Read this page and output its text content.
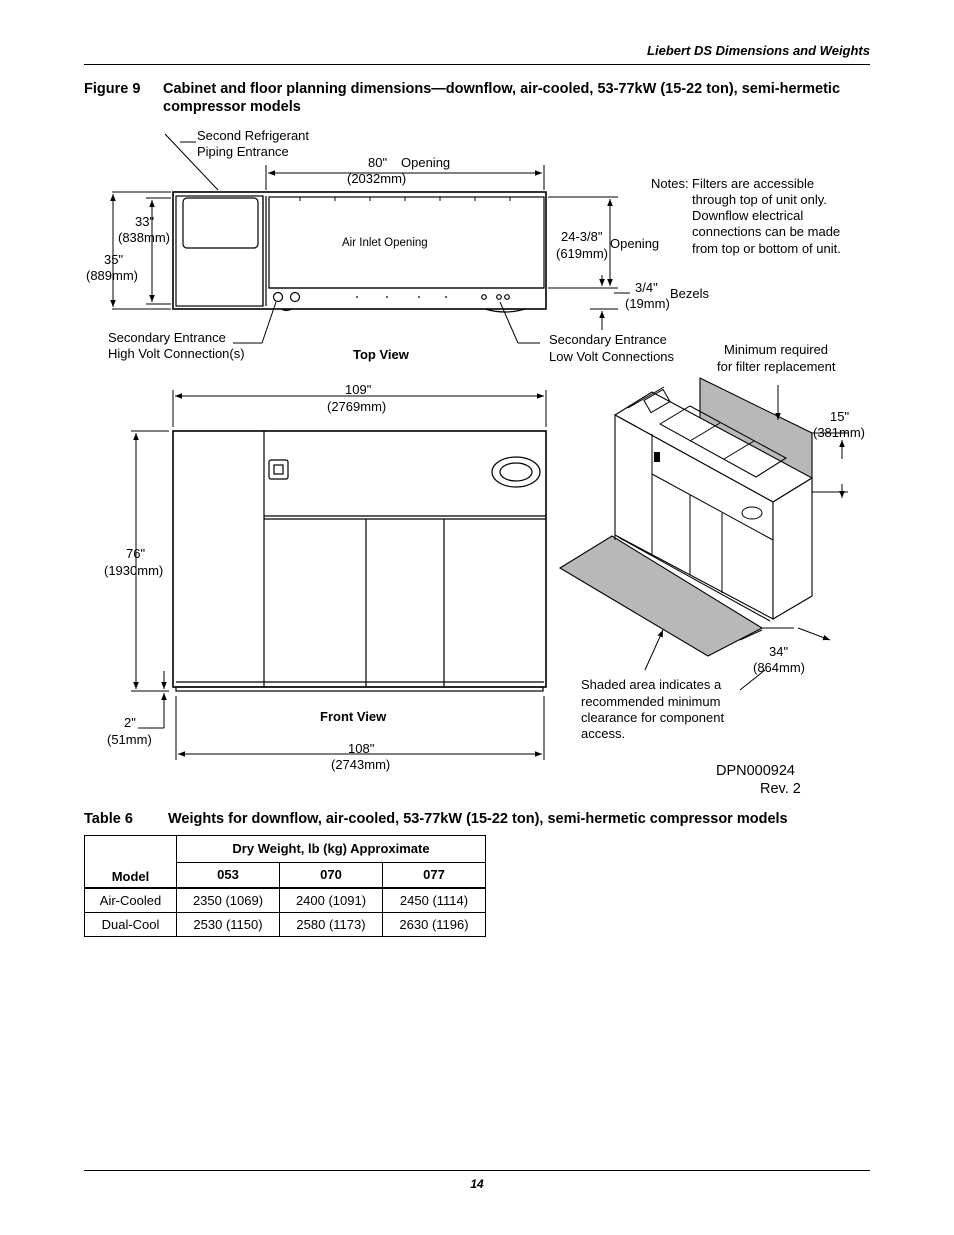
Liebert DS Dimensions and Weights
Figure 9 Cabinet and floor planning dimensions—downflow, air-cooled, 53-77kW (15-22 ton), semi-hermetic compressor models
Second Refrigerant
Piping Entrance
80" Opening
(2032mm)
Air Inlet Opening
33"
(838mm)
35"
(889mm)
24-3/8"
(619mm)
Opening
3/4"
(19mm)
Bezels
Secondary Entrance
High Volt Connection(s)
Secondary Entrance
Low Volt Connections
Top View
Notes: Filters are accessible
through top of unit only.
Downflow electrical
connections can be made
from top or bottom of unit.
109"
(2769mm)
76"
(1930mm)
2"
(51mm)
Front View
108"
(2743mm)
Minimum required
for filter replacement
15"
(381mm)
34"
(864mm)
Shaded area indicates a
recommended minimum
clearance for component
access.
DPN000924
Rev. 2
Table 6 Weights for downflow, air-cooled, 53-77kW (15-22 ton), semi-hermetic compressor models
Model	Dry Weight, lb (kg) Approximate		
	053	070	077
Air-Cooled	2350 (1069)	2400 (1091)	2450 (1114)
Dual-Cool	2530 (1150)	2580 (1173)	2630 (1196)
14
